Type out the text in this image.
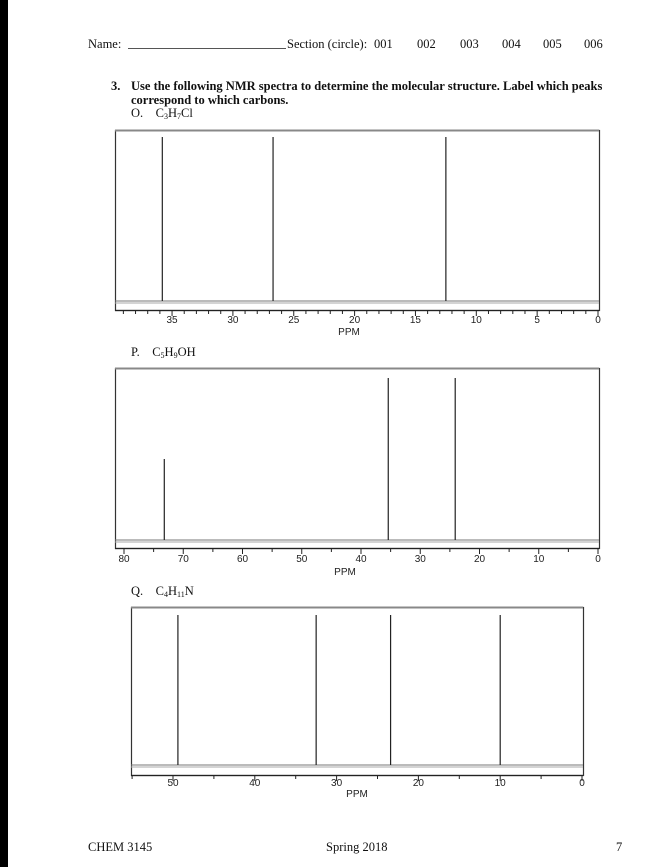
Name:	Section (circle): 001 002 003 004 005 006
3. Use the following NMR spectra to determine the molecular structure. Label which peaks
correspond to which carbons.
O. $C_3H_7Cl$
P. $C_5H_9OH$
Q. $C_4H_{11}N$
35	30	25	20	15	10	5	0
PPM
80	70	60	50	40	30	20	10	0
PPM
50	40	30	20	10	0
PPM
CHEM 3145	Spring 2018	7
